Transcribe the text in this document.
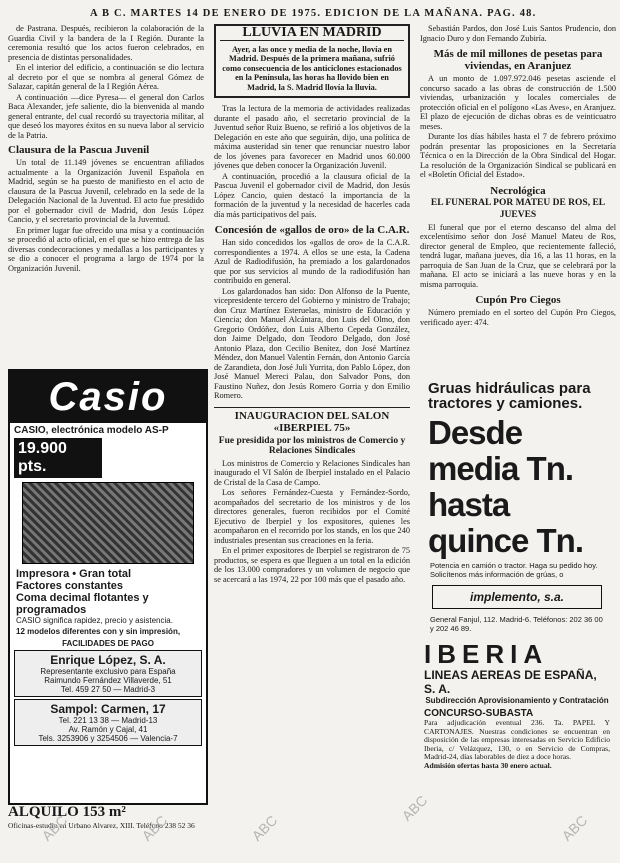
A B C. MARTES 14 DE ENERO DE 1975. EDICION DE LA MAÑANA. PAG. 48.

de Pastrana. Después, recibieron la colaboración de la Guardia Civil y la bandera de la I Región. Durante la ceremonia resultó que los actos fueron celebrados, en presencia de distintas personalidades.

En el interior del edificio, a continuación se dio lectura al decreto por el que se nombra al general Gómez de Salazar, capitán general de la I Región Aérea.

A continuación —dice Pyresa— el general don Carlos Baca Alexander, jefe saliente, dio la bienvenida al mando general entrante, del cual recordó su trayectoria militar, al que deseó los mayores éxitos en su nueva labor al servicio de la Patria.

Clausura de la Pascua Juvenil

Un total de 11.149 jóvenes se encuentran afiliados actualmente a la Organización Juvenil Española en Madrid, según se ha puesto de manifiesto en el acto de clausura de la Pascua Juvenil, celebrado en la sede de la Delegación Nacional de la Juventud. El acto fue presidido por el gobernador civil de Madrid, don Jesús López Cancio, y el secretario provincial de la Juventud.

En primer lugar fue ofrecido una misa y a continuación se procedió al acto oficial, en el que se hizo entrega de las diversas condecoraciones y medallas a los participantes y se dio a conocer el programa a largo de 1974 por la Organización Juvenil.

Casio
CASIO, electrónica modelo AS-P
19.900 pts.
Impresora • Gran total
Factores constantes
Coma decimal flotantes y programados
CASIO significa rapidez, precio y asistencia.
12 modelos diferentes con y sin impresión,
FACILIDADES DE PAGO
Enrique López, S. A.
Representante exclusivo para España
Raimundo Fernández Villaverde, 51
Tel. 459 27 50 — Madrid-3
Sampol: Carmen, 17
Tel. 221 13 38 — Madrid-13
Av. Ramón y Cajal, 41
Tels. 3253906 y 3254506 — Valencia-7
ALQUILO 153 m²
Oficinas-estudio en Urbano Alvarez, XIII. Teléfono 238 52 36
LLUVIA EN MADRID
Ayer, a las once y media de la noche, llovía en Madrid. Después de la primera mañana, sufrió como consecuencia de los anticiclones estacionados en la Península, las horas ha llovido bien en Madrid, la S. Madrid llovía la lluvia.

Tras la lectura de la memoria de actividades realizadas durante el pasado año, el secretario provincial de la Juventud señor Ruiz Bueno, se refirió a los objetivos de la Delegación en este año que seguirán, dijo, una política de máxima austeridad sin tener que renunciar nuestro labor de los jóvenes para favorecer en Madrid unos 60.000 jóvenes que deben conocer la Organización Juvenil.

A continuación, procedió a la clausura oficial de la Pascua Juvenil el gobernador civil de Madrid, don Jesús López Cancio, quien destacó la importancia de la formación de la juventud y la necesidad de hacerles cada día más participativos del país.

Concesión de «gallos de oro» de la C.A.R.

Han sido concedidos los «gallos de oro» de la C.A.R. correspondientes a 1974. A ellos se une esta, la Cadena Azul de Radiodifusión, ha premiado a los galardonados que por sus servicios al mundo de la radiodifusión han contribuido en general.

Los galardonados han sido: Don Alfonso de la Puente, vicepresidente tercero del Gobierno y ministro de Trabajo; don Cruz Martínez Esteruelas, ministro de Educación y Ciencia; don Manuel Alcántara, don Luis del Olmo, don Gregorio Ordóñez, don Luis Alberto Cepeda González, don Jaime Delgado, don Teodoro Delgado, don José Antonio Plaza, don Cecilio Benítez, don José Martínez Méndez, don Manuel Valentín Fernán, don Antonio García de Zarandieta, don José Juli Yurrita, don Pablo López, don José Manuel Mereci Palau, don Salvador Pons, don Faustino Nuñez, don Jesús Romero Gorria y don Emilio Romero.

INAUGURACION DEL SALON «IBERPIEL 75»
Fue presidida por los ministros de Comercio y Relaciones Sindicales

Los ministros de Comercio y Relaciones Sindicales han inaugurado el VI Salón de Iberpiel instalado en el Palacio de Cristal de la Casa de Campo.

Los señores Fernández-Cuesta y Fernández-Sordo, acompañados del secretario de los ministros y de los directores generales, fueron recibidos por el Comité Ejecutivo de Iberpiel y los expositores, quienes les acompañaron en el recorrido por los stands, en los que 240 industriales presentan sus creaciones en la feria.

En el primer expositores de Iberpiel se registraron de 75 productos, se espera es que lleguen a un total en la edición de los 13.000 compradores y un volumen de negocio que se acercará a las 1974, 22 por 100 más que el pasado año.

Sebastián Pardos, don José Luis Santos Prudencio, don Ignacio Duro y don Fernando Zubiría.

Más de mil millones de pesetas para viviendas, en Aranjuez

A un monto de 1.097.972.046 pesetas asciende el concurso sacado a las obras de construcción de 1.500 viviendas, urbanización y locales comerciales de protección oficial en el polígono «Las Aves», en Aranjuez. El plazo de ejecución de dichas obras es de veinticuatro meses.

Durante los días hábiles hasta el 7 de febrero próximo podrán presentar las proposiciones en la Secretaría Técnica o en la Dirección de la Obra Sindical del Hogar. La resolución de la Organización Sindical se publicará en el «Boletín Oficial del Estado».

Necrológica
EL FUNERAL POR MATEU DE ROS, EL JUEVES

El funeral que por el eterno descanso del alma del excelentísimo señor don José Manuel Mateu de Ros, director general de Empleo, que recientemente falleció, tendrá lugar, mañana jueves, día 16, a las 11 horas, en la parroquia de San Juan de la Cruz, que se celebrará por la mañana. El acto se iniciará a las nueve horas y en la misma parroquia.

Cupón Pro Ciegos

Número premiado en el sorteo del Cupón Pro Ciegos, verificado ayer: 474.

Gruas hidráulicas para tractores y camiones.
Desde
media Tn.
hasta
quince Tn.
Potencia en camión o tractor. Haga su pedido hoy. Solicítenos más información de grúas, o
implemento, s.a.
General Fanjul, 112. Madrid-6. Teléfonos: 202 36 00 y 202 46 89.
IBERIA
LINEAS AEREAS DE ESPAÑA, S. A.
Subdirección Aprovisionamiento y Contratación
CONCURSO-SUBASTA
Para adjudicación eventual 236. Ta. PAPEL Y CARTONAJES. Nuestras condiciones se encuentran en disposición de las empresas interesadas en Servicio Edificio Iberia, c/ Velázquez, 130, o en Servicio de Compras, Madrid-24, días laborables de diez a doce horas.
Admisión ofertas hasta 30 enero actual.
ABC	ABC	ABC
ABC
ABC
